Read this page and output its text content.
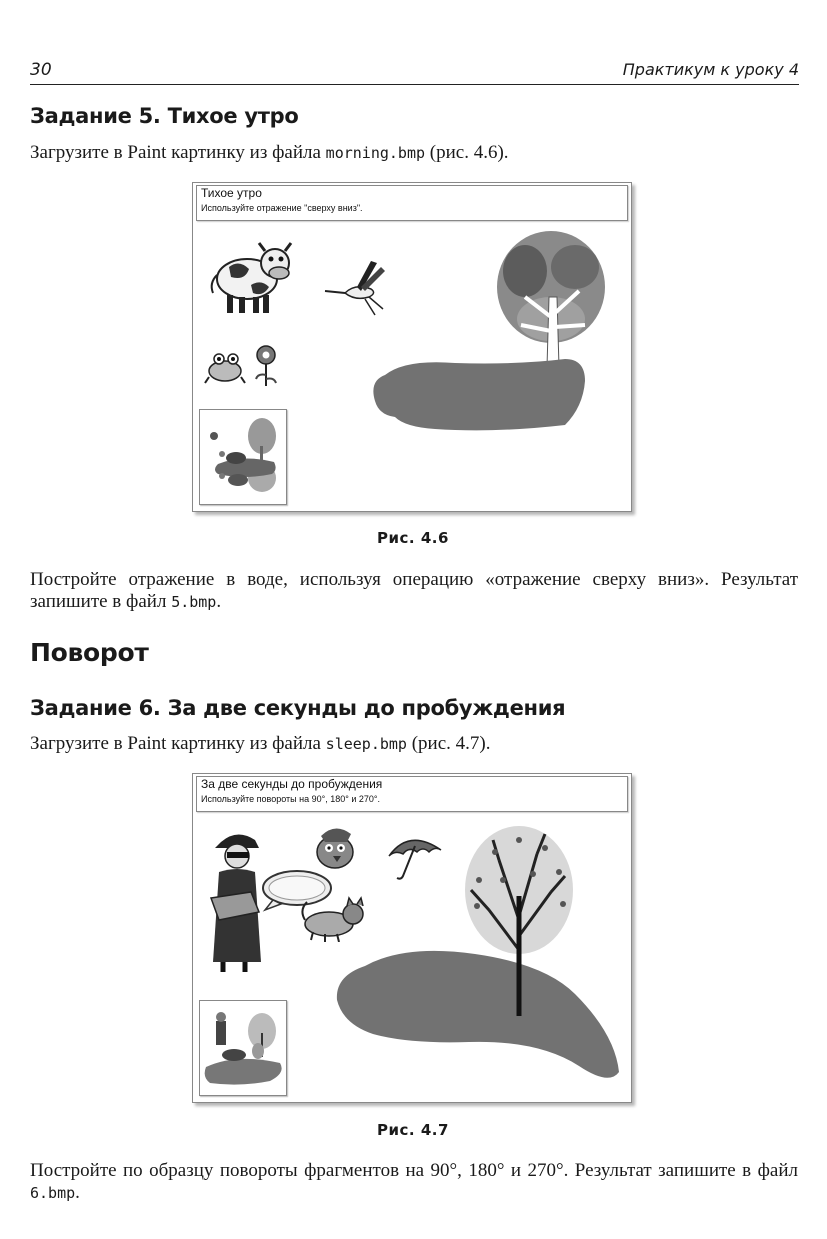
30	Практикум к уроку 4
Задание 5. Тихое утро
Загрузите в Paint картинку из файла morning.bmp (рис. 4.6).
Тихое утро
Используйте отражение "сверху вниз".
Рис. 4.6
Постройте отражение в воде, используя операцию «отражение сверху вниз». Результат запишите в файл 5.bmp.
Поворот
Задание 6. За две секунды до пробуждения
Загрузите в Paint картинку из файла sleep.bmp (рис. 4.7).
За две секунды до пробуждения
Используйте повороты на 90°, 180° и 270°.
Рис. 4.7
Постройте по образцу повороты фрагментов на 90°, 180° и 270°. Результат запишите в файл 6.bmp.
